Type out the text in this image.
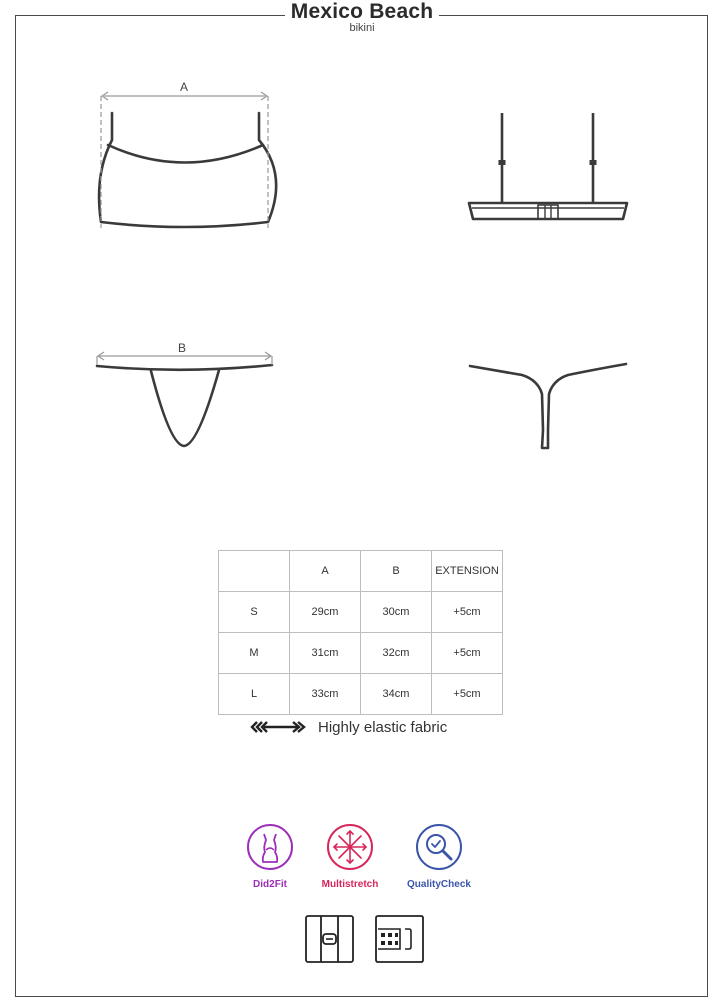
Mexico Beach
bikini
A
B
	A	B	EXTENSION
S	29cm	30cm	+5cm
M	31cm	32cm	+5cm
L	33cm	34cm	+5cm
Highly elastic fabric
Did2Fit	Multistretch	QualityCheck
